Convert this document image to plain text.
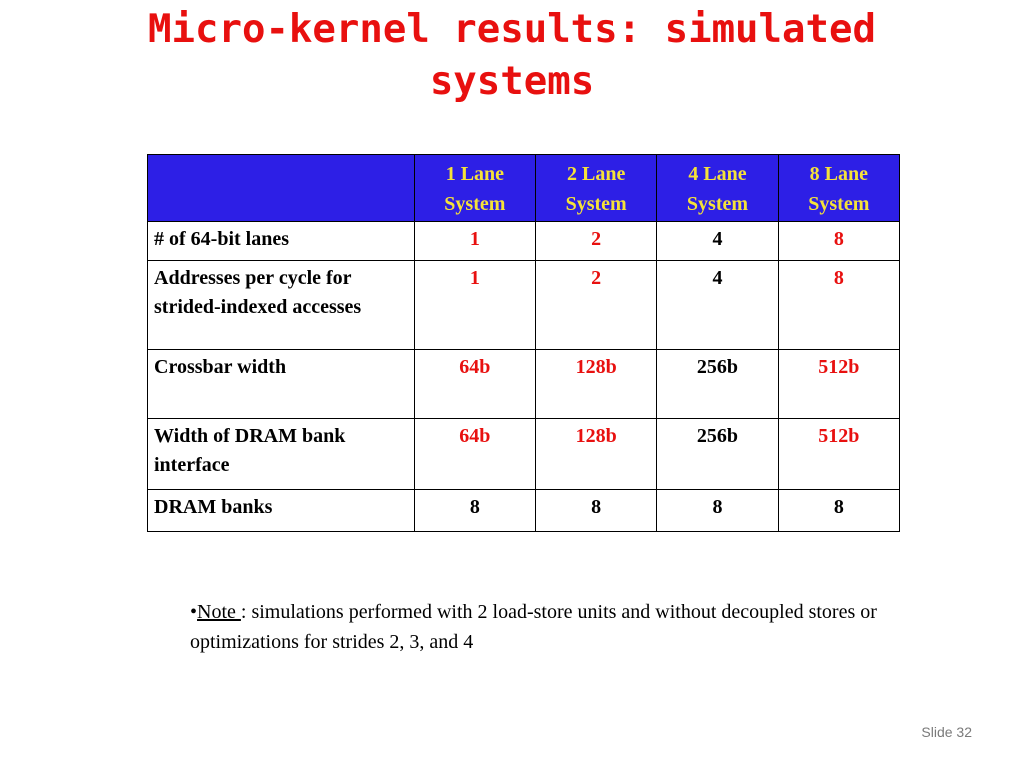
Micro-kernel results: simulated
systems
	1 Lane System	2 Lane System	4 Lane System	8 Lane System
# of 64-bit lanes	1	2	4	8
Addresses per cycle for strided-indexed accesses	1	2	4	8
Crossbar width	64b	128b	256b	512b
Width of DRAM bank interface	64b	128b	256b	512b
DRAM banks	8	8	8	8
•Note : simulations performed with 2 load-store units and without decoupled stores or optimizations for strides 2, 3, and 4
Slide 32
